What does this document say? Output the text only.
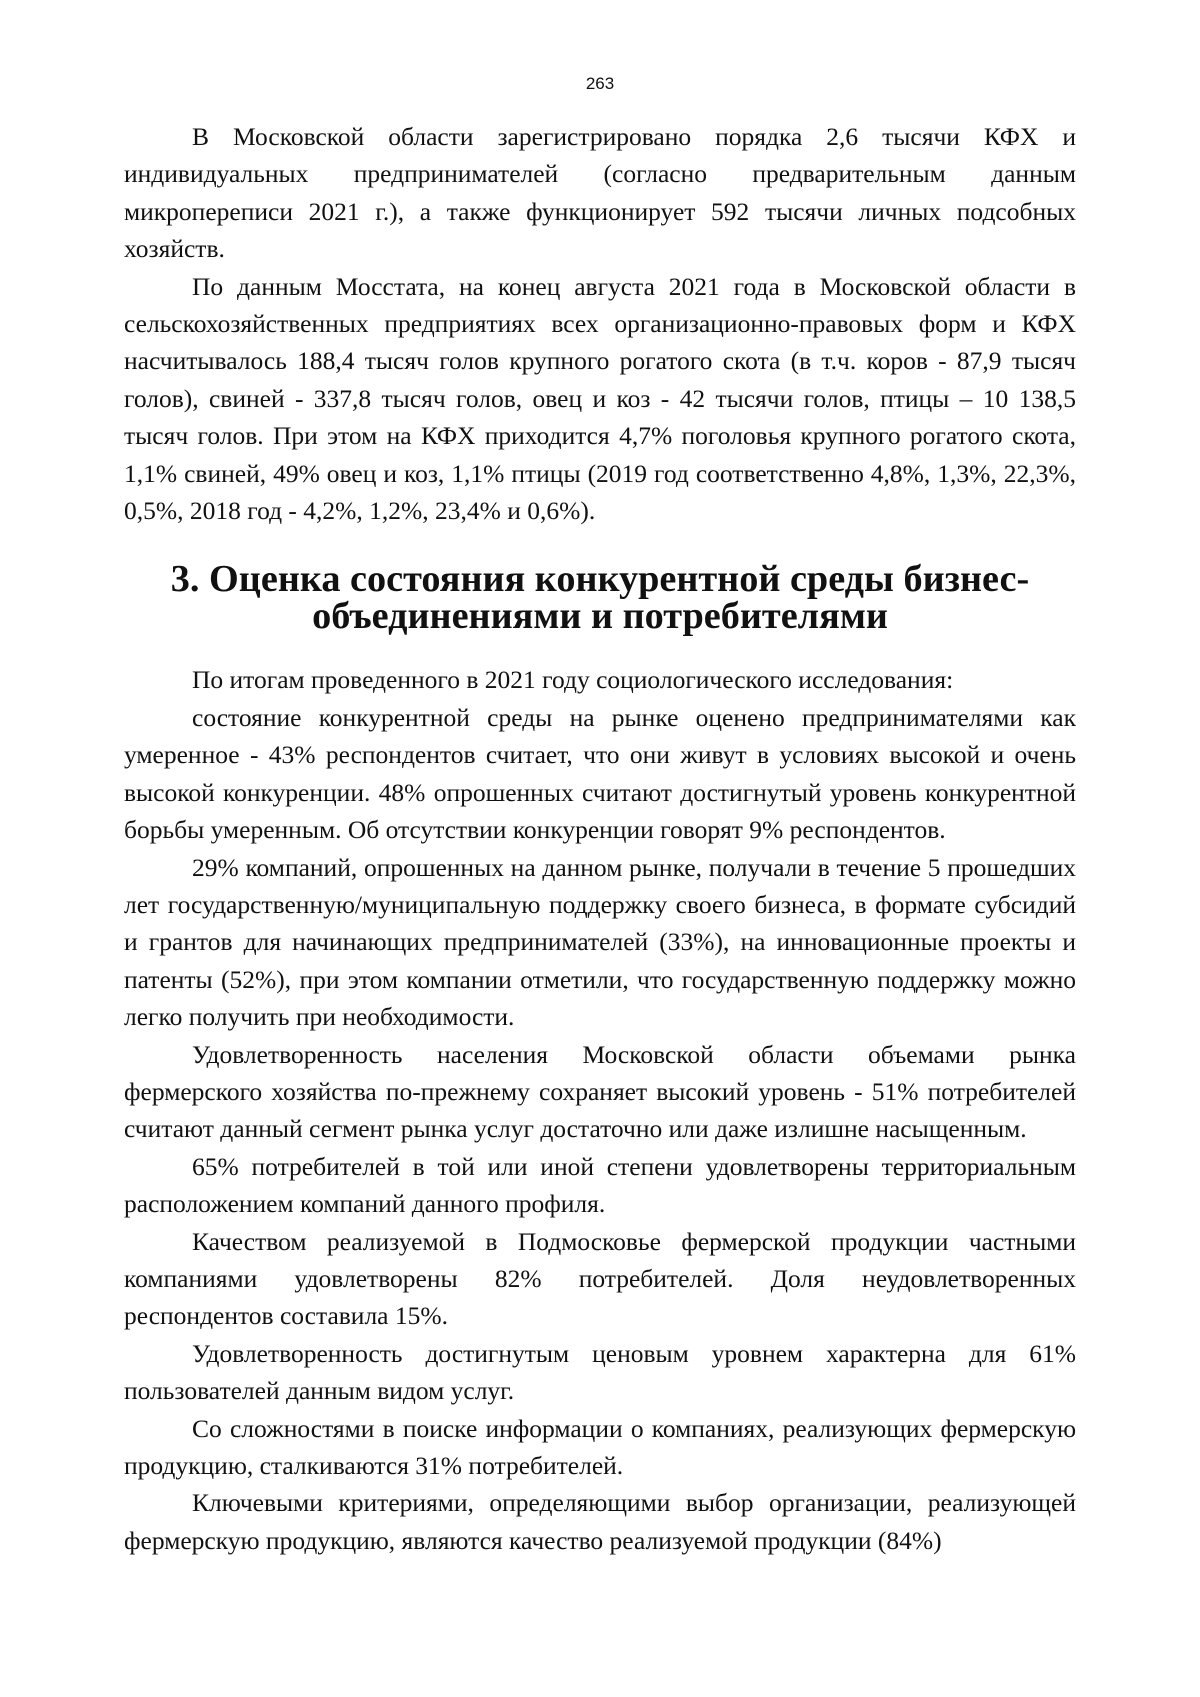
263

В Московской области зарегистрировано порядка 2,6 тысячи КФХ и индивидуальных предпринимателей (согласно предварительным данным микропереписи 2021 г.), а также функционирует 592 тысячи личных подсобных хозяйств.

По данным Мосстата, на конец августа 2021 года в Московской области в сельскохозяйственных предприятиях всех организационно-правовых форм и КФХ насчитывалось 188,4 тысяч голов крупного рогатого скота (в т.ч. коров - 87,9 тысяч голов), свиней - 337,8 тысяч голов, овец и коз - 42 тысячи голов, птицы – 10 138,5 тысяч голов. При этом на КФХ приходится 4,7% поголовья крупного рогатого скота, 1,1% свиней, 49% овец и коз, 1,1% птицы (2019 год соответственно 4,8%, 1,3%, 22,3%, 0,5%, 2018 год - 4,2%, 1,2%, 23,4% и 0,6%).

3. Оценка состояния конкурентной среды бизнес-объединениями и потребителями

По итогам проведенного в 2021 году социологического исследования:

состояние конкурентной среды на рынке оценено предпринимателями как умеренное - 43% респондентов считает, что они живут в условиях высокой и очень высокой конкуренции. 48% опрошенных считают достигнутый уровень конкурентной борьбы умеренным. Об отсутствии конкуренции говорят 9% респондентов.

29% компаний, опрошенных на данном рынке, получали в течение 5 прошедших лет государственную/муниципальную поддержку своего бизнеса, в формате субсидий и грантов для начинающих предпринимателей (33%), на инновационные проекты и патенты (52%), при этом компании отметили, что государственную поддержку можно легко получить при необходимости.

Удовлетворенность населения Московской области объемами рынка фермерского хозяйства по-прежнему сохраняет высокий уровень - 51% потребителей считают данный сегмент рынка услуг достаточно или даже излишне насыщенным.

65% потребителей в той или иной степени удовлетворены территориальным расположением компаний данного профиля.

Качеством реализуемой в Подмосковье фермерской продукции частными компаниями удовлетворены 82% потребителей. Доля неудовлетворенных респондентов составила 15%.

Удовлетворенность достигнутым ценовым уровнем характерна для 61% пользователей данным видом услуг.

Со сложностями в поиске информации о компаниях, реализующих фермерскую продукцию, сталкиваются 31% потребителей.

Ключевыми критериями, определяющими выбор организации, реализующей фермерскую продукцию, являются качество реализуемой продукции (84%)
